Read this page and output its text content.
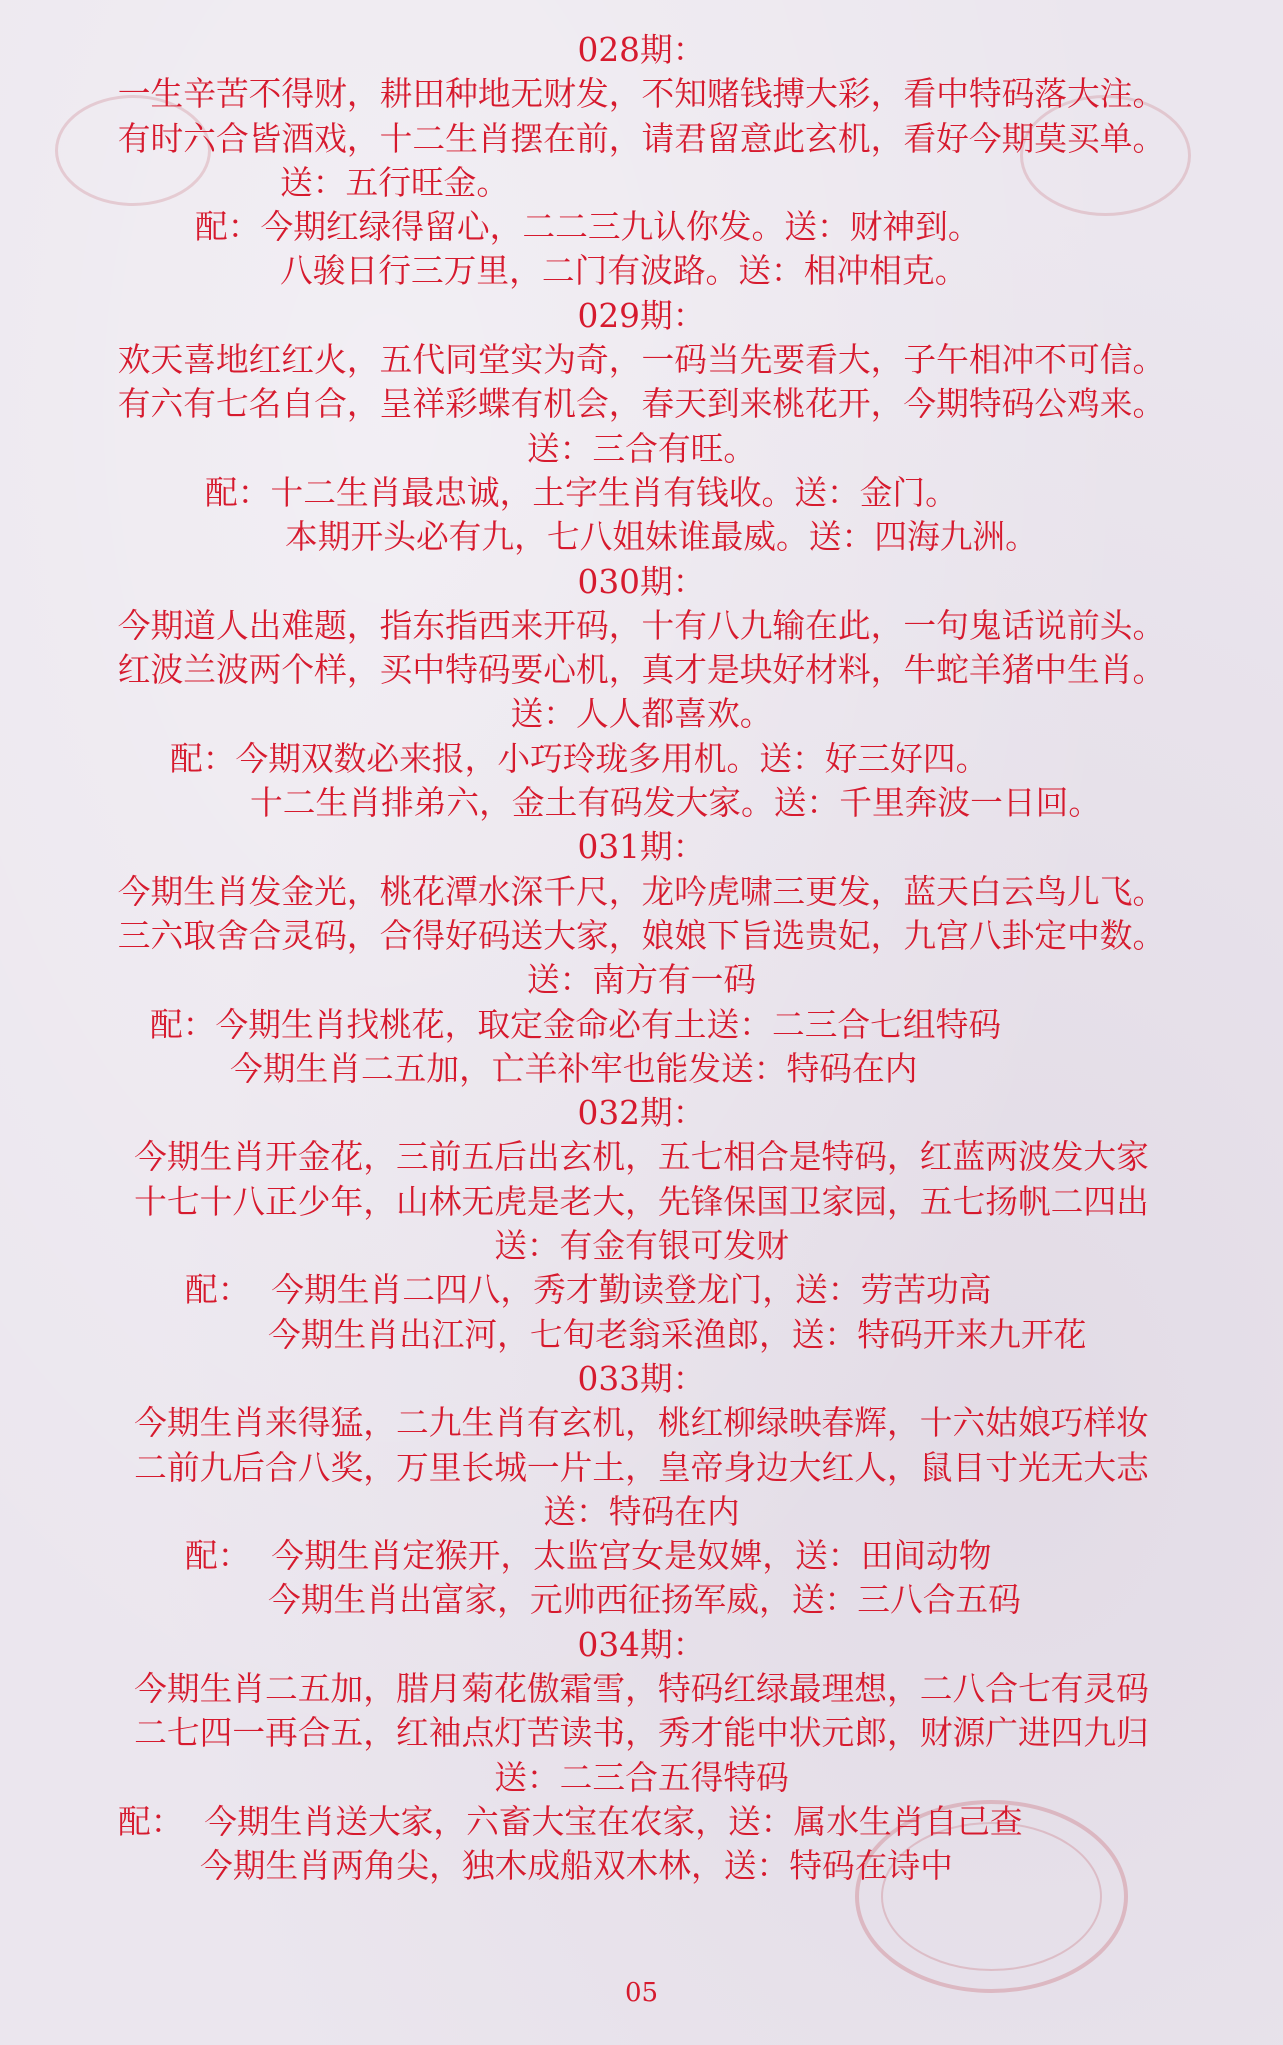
028期：
一生辛苦不得财，耕田种地无财发，不知赌钱搏大彩，看中特码落大注。
有时六合皆酒戏，十二生肖摆在前，请君留意此玄机，看好今期莫买单。
送：五行旺金。
配：今期红绿得留心，二二三九认你发。送：财神到。
八骏日行三万里，二门有波路。送：相冲相克。
029期：
欢天喜地红红火，五代同堂实为奇，一码当先要看大，子午相冲不可信。
有六有七名自合，呈祥彩蝶有机会，春天到来桃花开，今期特码公鸡来。
送：三合有旺。
配：十二生肖最忠诚，土字生肖有钱收。送：金门。
本期开头必有九，七八姐妹谁最威。送：四海九洲。
030期：
今期道人出难题，指东指西来开码，十有八九输在此，一句鬼话说前头。
红波兰波两个样，买中特码要心机，真才是块好材料，牛蛇羊猪中生肖。
送：人人都喜欢。
配：今期双数必来报，小巧玲珑多用机。送：好三好四。
十二生肖排弟六，金土有码发大家。送：千里奔波一日回。
031期：
今期生肖发金光，桃花潭水深千尺，龙吟虎啸三更发，蓝天白云鸟儿飞。
三六取舍合灵码，合得好码送大家，娘娘下旨选贵妃，九宫八卦定中数。
送：南方有一码
配：今期生肖找桃花，取定金命必有土送：二三合七组特码
今期生肖二五加，亡羊补牢也能发送：特码在内
032期：
今期生肖开金花，三前五后出玄机，五七相合是特码，红蓝两波发大家
十七十八正少年，山林无虎是老大，先锋保国卫家园，五七扬帆二四出
送：有金有银可发财
配：  今期生肖二四八，秀才勤读登龙门，送：劳苦功高
今期生肖出江河，七旬老翁采渔郎，送：特码开来九开花
033期：
今期生肖来得猛，二九生肖有玄机，桃红柳绿映春辉，十六姑娘巧样妆
二前九后合八奖，万里长城一片土，皇帝身边大红人，鼠目寸光无大志
送：特码在内
配：  今期生肖定猴开，太监宫女是奴婢，送：田间动物
今期生肖出富家，元帅西征扬军威，送：三八合五码
034期：
今期生肖二五加，腊月菊花傲霜雪，特码红绿最理想，二八合七有灵码
二七四一再合五，红袖点灯苦读书，秀才能中状元郎，财源广进四九归
送：二三合五得特码
配：  今期生肖送大家，六畜大宝在农家，送：属水生肖自己查
今期生肖两角尖，独木成船双木林，送：特码在诗中
05
